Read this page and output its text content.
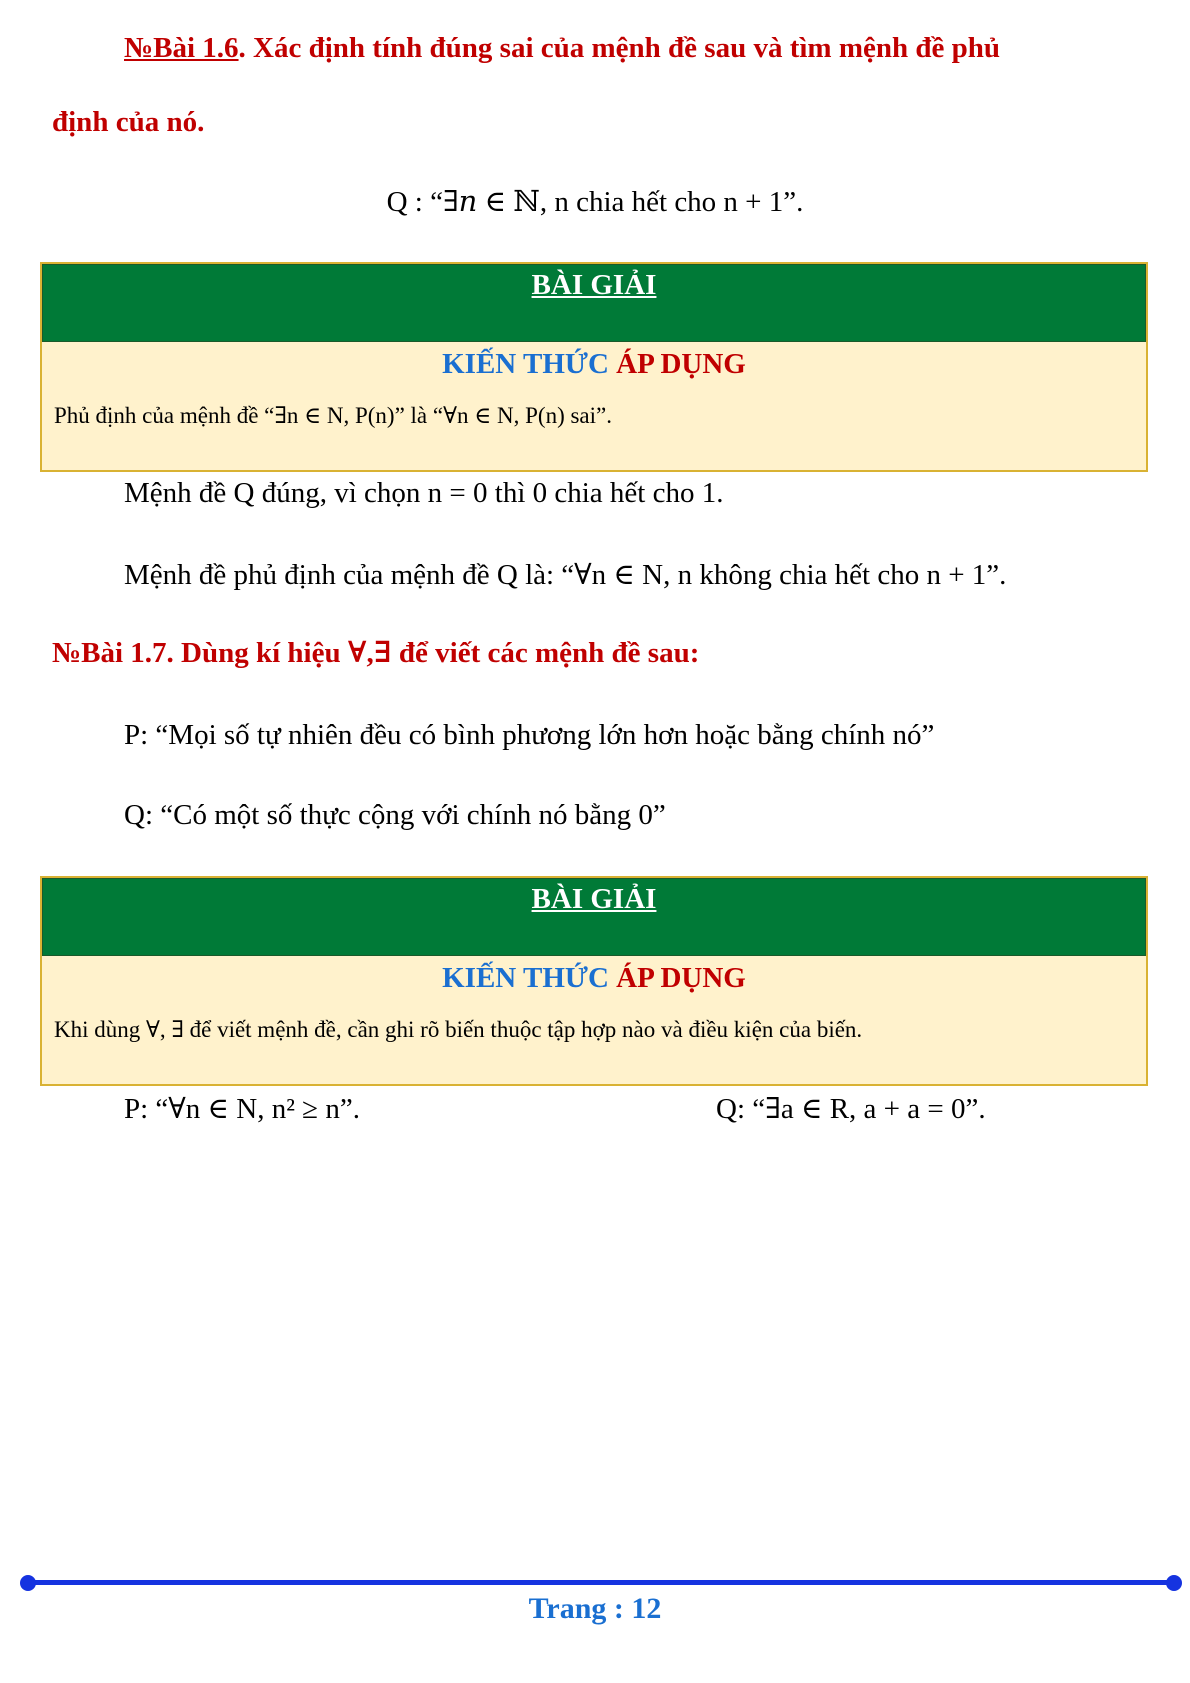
№Bài 1.6. Xác định tính đúng sai của mệnh đề sau và tìm mệnh đề phủ
định của nó.
Q : “∃𝑛 ∈ ℕ, n chia hết cho n + 1”.
BÀI GIẢI
KIẾN THỨC ÁP DỤNG
Phủ định của mệnh đề “∃n ∈ N, P(n)” là “∀n ∈ N, P(n) sai”.
Mệnh đề Q đúng, vì chọn n = 0 thì 0 chia hết cho 1.
Mệnh đề phủ định của mệnh đề Q là: “∀n ∈ N, n không chia hết cho n + 1”.
№Bài 1.7. Dùng kí hiệu ∀,∃ để viết các mệnh đề sau:
P: “Mọi số tự nhiên đều có bình phương lớn hơn hoặc bằng chính nó”
Q: “Có một số thực cộng với chính nó bằng 0”
BÀI GIẢI
KIẾN THỨC ÁP DỤNG
Khi dùng ∀, ∃ để viết mệnh đề, cần ghi rõ biến thuộc tập hợp nào và điều kiện của biến.
P: “∀n ∈ N, n² ≥ n”.	Q: “∃a ∈ R, a + a = 0”.
Trang : 12
